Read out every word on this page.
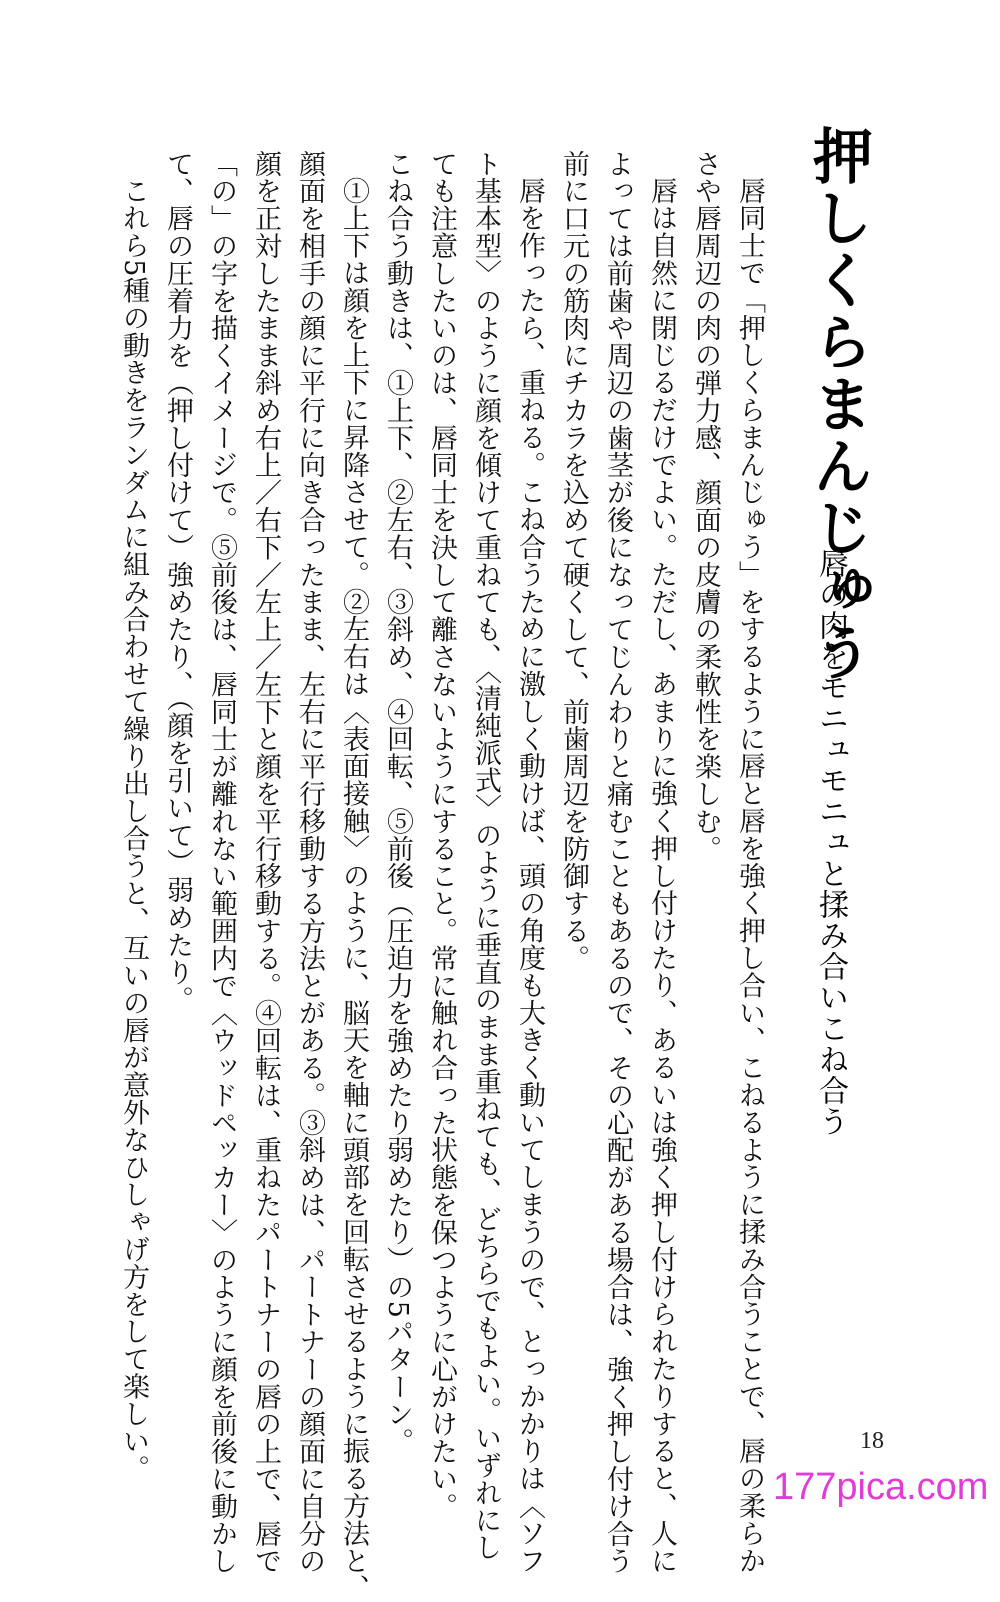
押しくらまんじゅう
唇の肉をモニュモニュと揉み合いこね合う
唇同士で「押しくらまんじゅう」をするように唇と唇を強く押し合い、こねるように揉み合うことで、唇の柔らか
さや唇周辺の肉の弾力感、顔面の皮膚の柔軟性を楽しむ。
唇は自然に閉じるだけでよい。ただし、あまりに強く押し付けたり、あるいは強く押し付けられたりすると、人に
よっては前歯や周辺の歯茎が後になってじんわりと痛むこともあるので、その心配がある場合は、強く押し付け合う
前に口元の筋肉にチカラを込めて硬くして、前歯周辺を防御する。
唇を作ったら、重ねる。こね合うために激しく動けば、頭の角度も大きく動いてしまうので、とっかかりは〈ソフ
ト基本型〉のように顔を傾けて重ねても、〈清純派式〉のように垂直のまま重ねても、どちらでもよい。いずれにし
ても注意したいのは、唇同士を決して離さないようにすること。常に触れ合った状態を保つように心がけたい。
こね合う動きは、①上下、②左右、③斜め、④回転、⑤前後（圧迫力を強めたり弱めたり）の5パターン。
①上下は顔を上下に昇降させて。②左右は〈表面接触〉のように、脳天を軸に頭部を回転させるように振る方法と、
顔面を相手の顔に平行に向き合ったまま、左右に平行移動する方法とがある。③斜めは、パートナーの顔面に自分の
顔を正対したまま斜め右上／右下／左上／左下と顔を平行移動する。④回転は、重ねたパートナーの唇の上で、唇で
「の」の字を描くイメージで。⑤前後は、唇同士が離れない範囲内で〈ウッドペッカー〉のように顔を前後に動かし
て、唇の圧着力を（押し付けて）強めたり、（顔を引いて）弱めたり。
これら5種の動きをランダムに組み合わせて繰り出し合うと、互いの唇が意外なひしゃげ方をして楽しい。	18
177pica.com
